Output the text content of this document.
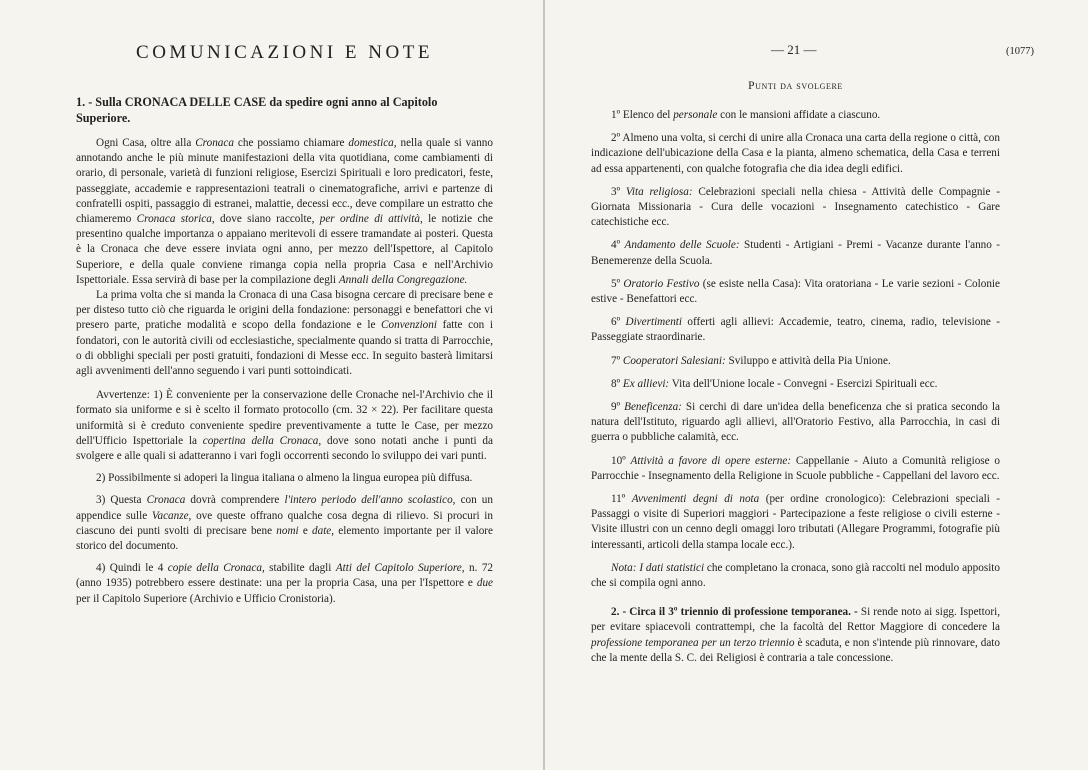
COMUNICAZIONI E NOTE
1. - Sulla CRONACA DELLE CASE da spedire ogni anno al Capitolo Superiore.

Ogni Casa, oltre alla Cronaca che possiamo chiamare domestica, nella quale si vanno annotando anche le più minute manifestazioni della vita quotidiana, come cambiamenti di orario, di personale, varietà di funzioni religiose, Esercizi Spirituali e loro predicatori, feste, passeggiate, accademie e rappresentazioni teatrali o cinematografiche, arrivi e partenze di confratelli ospiti, passaggio di estranei, malattie, decessi ecc., deve compilare un estratto che chiameremo Cronaca storica, dove siano raccolte, per ordine di attività, le notizie che presentino qualche importanza o appaiano meritevoli di essere tramandate ai posteri. Questa è la Cronaca che deve essere inviata ogni anno, per mezzo dell'Ispettore, al Capitolo Superiore, e della quale conviene rimanga copia nella propria Casa e nell'Archivio Ispettoriale. Essa servirà di base per la compilazione degli Annali della Congregazione.

La prima volta che si manda la Cronaca di una Casa bisogna cercare di precisare bene e per disteso tutto ciò che riguarda le origini della fondazione: personaggi e benefattori che vi presero parte, pratiche modalità e scopo della fondazione e le Convenzioni fatte con i fondatori, con le autorità civili od ecclesiastiche, specialmente quando si tratta di Parrocchie, o di obblighi speciali per posti gratuiti, fondazioni di Messe ecc. In seguito basterà limitarsi agli avvenimenti dell'anno seguendo i vari punti sottoindicati.

Avvertenze: 1) È conveniente per la conservazione delle Cronache nel-l'Archivio che il formato sia uniforme e si è scelto il formato protocollo (cm. 32 × 22). Per facilitare questa uniformità si è creduto conveniente spedire preventivamente a tutte le Case, per mezzo dell'Ufficio Ispettoriale la copertina della Cronaca, dove sono notati anche i punti da svolgere e alle quali si adatteranno i vari fogli occorrenti secondo lo sviluppo dei vari punti.

2) Possibilmente si adoperi la lingua italiana o almeno la lingua europea più diffusa.

3) Questa Cronaca dovrà comprendere l'intero periodo dell'anno scolastico, con un appendice sulle Vacanze, ove queste offrano qualche cosa degna di rilievo. Si procuri in ciascuno dei punti svolti di precisare bene nomi e date, elemento importante per il valore storico del documento.

4) Quindi le 4 copie della Cronaca, stabilite dagli Atti del Capitolo Superiore, n. 72 (anno 1935) potrebbero essere destinate: una per la propria Casa, una per l'Ispettore e due per il Capitolo Superiore (Archivio e Ufficio Cronistoria).

— 21 —	(1077)
Punti da svolgere

1º Elenco del personale con le mansioni affidate a ciascuno.

2º Almeno una volta, si cerchi di unire alla Cronaca una carta della regione o città, con indicazione dell'ubicazione della Casa e la pianta, almeno schematica, della Casa e terreni ad essa appartenenti, con qualche fotografia che dia idea degli edifici.

3º Vita religiosa: Celebrazioni speciali nella chiesa - Attività delle Compagnie - Giornata Missionaria - Cura delle vocazioni - Insegnamento catechistico - Gare catechistiche ecc.

4º Andamento delle Scuole: Studenti - Artigiani - Premi - Vacanze durante l'anno - Benemerenze della Scuola.

5º Oratorio Festivo (se esiste nella Casa): Vita oratoriana - Le varie sezioni - Colonie estive - Benefattori ecc.

6º Divertimenti offerti agli allievi: Accademie, teatro, cinema, radio, televisione - Passeggiate straordinarie.

7º Cooperatori Salesiani: Sviluppo e attività della Pia Unione.

8º Ex allievi: Vita dell'Unione locale - Convegni - Esercizi Spirituali ecc.

9º Beneficenza: Si cerchi di dare un'idea della beneficenza che si pratica secondo la natura dell'Istituto, riguardo agli allievi, all'Oratorio Festivo, alla Parrocchia, in casi di guerra o pubbliche calamità, ecc.

10º Attività a favore di opere esterne: Cappellanie - Aiuto a Comunità religiose o Parrocchie - Insegnamento della Religione in Scuole pubbliche - Cappellani del lavoro ecc.

11º Avvenimenti degni di nota (per ordine cronologico): Celebrazioni speciali - Passaggi o visite di Superiori maggiori - Partecipazione a feste religiose o civili esterne - Visite illustri con un cenno degli omaggi loro tributati (Allegare Programmi, fotografie più interessanti, articoli della stampa locale ecc.).

Nota: I dati statistici che completano la cronaca, sono già raccolti nel modulo apposito che si compila ogni anno.

2. - Circa il 3º triennio di professione temporanea. - Si rende noto ai sigg. Ispettori, per evitare spiacevoli contrattempi, che la facoltà del Rettor Maggiore di concedere la professione temporanea per un terzo triennio è scaduta, e non s'intende più rinnovare, dato che la mente della S. C. dei Religiosi è contraria a tale concessione.
